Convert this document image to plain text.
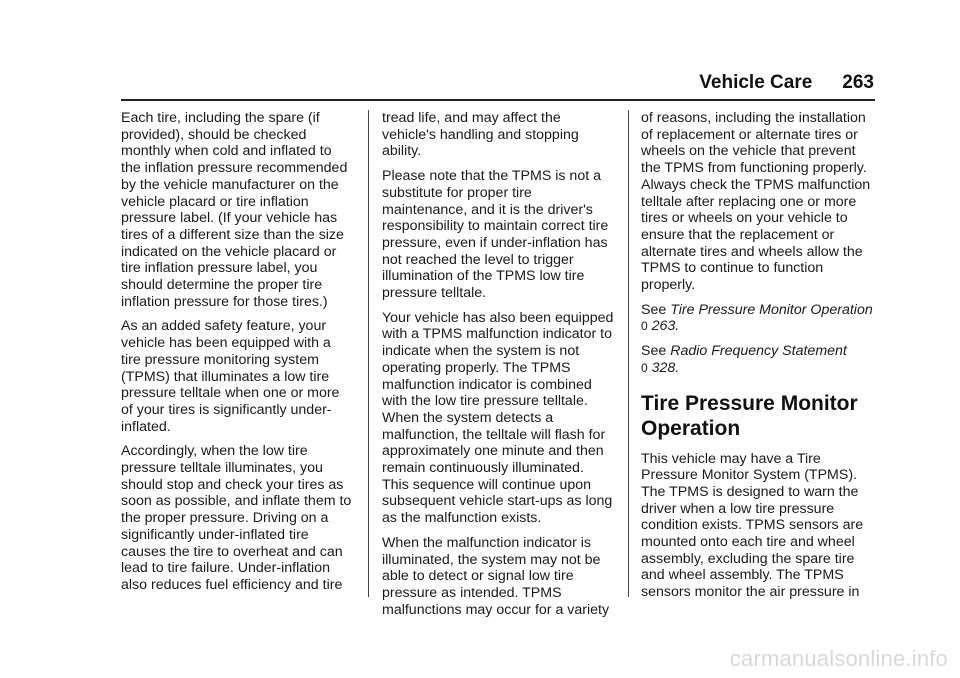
Vehicle Care 263

Each tire, including the spare (if provided), should be checked monthly when cold and inflated to the inflation pressure recommended by the vehicle manufacturer on the vehicle placard or tire inflation pressure label. (If your vehicle has tires of a different size than the size indicated on the vehicle placard or tire inflation pressure label, you should determine the proper tire inflation pressure for those tires.)

As an added safety feature, your vehicle has been equipped with a tire pressure monitoring system (TPMS) that illuminates a low tire pressure telltale when one or more of your tires is significantly under-inflated.

Accordingly, when the low tire pressure telltale illuminates, you should stop and check your tires as soon as possible, and inflate them to the proper pressure. Driving on a significantly under-inflated tire causes the tire to overheat and can lead to tire failure. Under-inflation also reduces fuel efficiency and tire

tread life, and may affect the vehicle's handling and stopping ability.

Please note that the TPMS is not a substitute for proper tire maintenance, and it is the driver's responsibility to maintain correct tire pressure, even if under-inflation has not reached the level to trigger illumination of the TPMS low tire pressure telltale.

Your vehicle has also been equipped with a TPMS malfunction indicator to indicate when the system is not operating properly. The TPMS malfunction indicator is combined with the low tire pressure telltale. When the system detects a malfunction, the telltale will flash for approximately one minute and then remain continuously illuminated. This sequence will continue upon subsequent vehicle start-ups as long as the malfunction exists.

When the malfunction indicator is illuminated, the system may not be able to detect or signal low tire pressure as intended. TPMS malfunctions may occur for a variety

of reasons, including the installation of replacement or alternate tires or wheels on the vehicle that prevent the TPMS from functioning properly. Always check the TPMS malfunction telltale after replacing one or more tires or wheels on your vehicle to ensure that the replacement or alternate tires and wheels allow the TPMS to continue to function properly.

See Tire Pressure Monitor Operation 0 263.

See Radio Frequency Statement
0 328.

Tire Pressure Monitor Operation

This vehicle may have a Tire Pressure Monitor System (TPMS). The TPMS is designed to warn the driver when a low tire pressure condition exists. TPMS sensors are mounted onto each tire and wheel assembly, excluding the spare tire and wheel assembly. The TPMS sensors monitor the air pressure in

carmanualsonline.info
